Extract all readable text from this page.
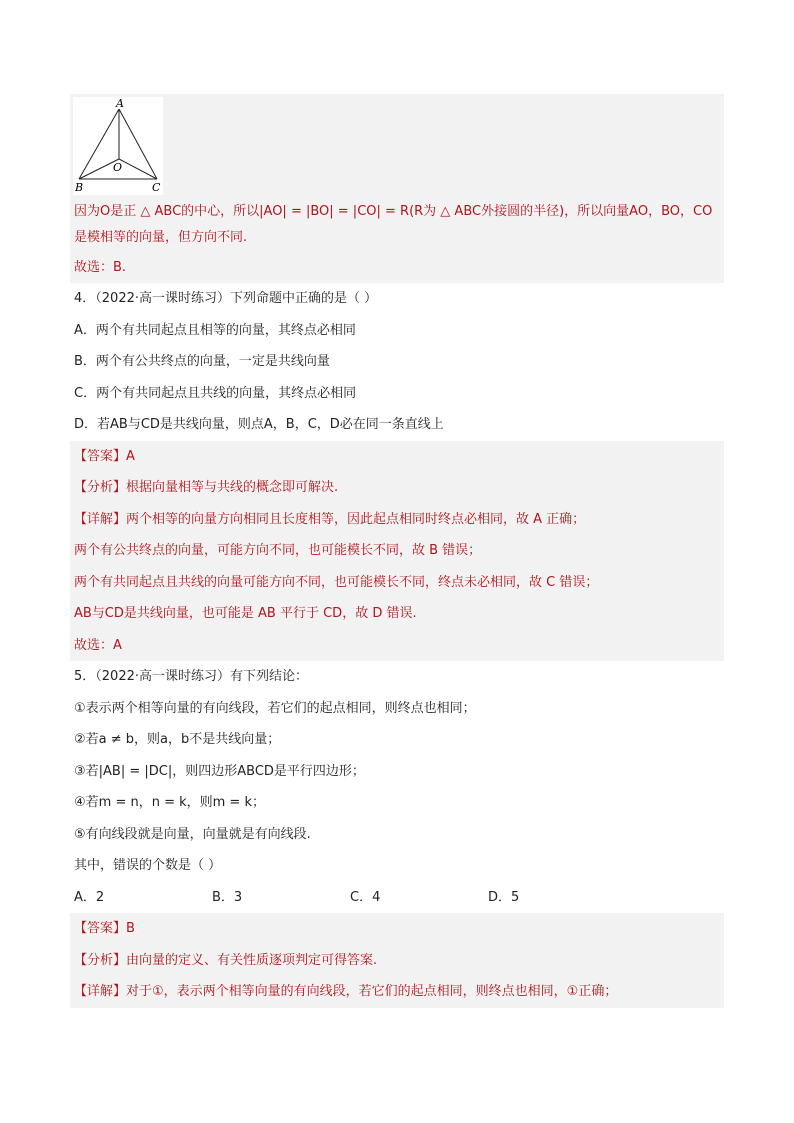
A
B	C
O
因为O是正 △ ABC的中心，所以|AO| = |BO| = |CO| = R(R为 △ ABC外接圆的半径)，所以向量AO，BO，CO
是模相等的向量，但方向不同.
故选：B.
4．（2022·高一课时练习）下列命题中正确的是（ ）
A．两个有共同起点且相等的向量，其终点必相同
B．两个有公共终点的向量，一定是共线向量
C．两个有共同起点且共线的向量，其终点必相同
D．若AB与CD是共线向量，则点A，B，C，D必在同一条直线上
【答案】A
【分析】根据向量相等与共线的概念即可解决.
【详解】两个相等的向量方向相同且长度相等，因此起点相同时终点必相同，故 A 正确；
两个有公共终点的向量，可能方向不同，也可能模长不同，故 B 错误；
两个有共同起点且共线的向量可能方向不同，也可能模长不同，终点未必相同，故 C 错误；
AB与CD是共线向量，也可能是 AB 平行于 CD，故 D 错误.
故选：A
5．（2022·高一课时练习）有下列结论：
①表示两个相等向量的有向线段，若它们的起点相同，则终点也相同；
②若a ≠ b，则a，b不是共线向量；
③若|AB| = |DC|，则四边形ABCD是平行四边形；
④若m = n，n = k，则m = k；
⑤有向线段就是向量，向量就是有向线段.
其中，错误的个数是（ ）
A．2	B．3	C．4	D．5
【答案】B
【分析】由向量的定义、有关性质逐项判定可得答案.
【详解】对于①，表示两个相等向量的有向线段，若它们的起点相同，则终点也相同，①正确；
